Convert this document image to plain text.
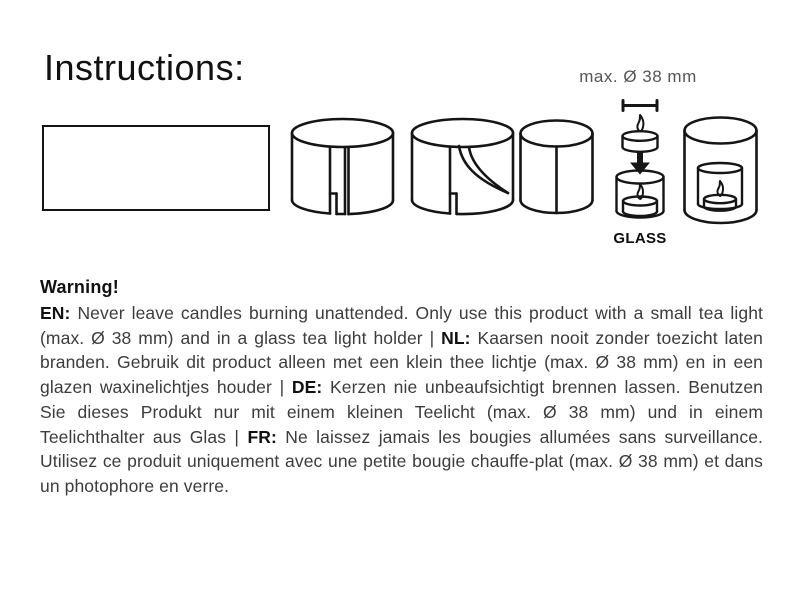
Instructions:	max. Ø 38 mm
GLASS

Warning!

EN: Never leave candles burning unattended. Only use this product with a small tea light (max. Ø 38 mm) and in a glass tea light holder | NL: Kaarsen nooit zonder toezicht laten branden. Gebruik dit product alleen met een klein thee lichtje (max. Ø 38 mm) en in een glazen waxinelichtjes houder | DE: Kerzen nie unbeaufsichtigt brennen lassen. Benutzen Sie dieses Produkt nur mit einem kleinen Teelicht (max. Ø 38 mm) und in einem Teelichthalter aus Glas | FR: Ne laissez jamais les bougies allumées sans surveillance. Utilisez ce produit uniquement avec une petite bougie chauffe-plat (max. Ø 38 mm) et dans un photophore en verre.
